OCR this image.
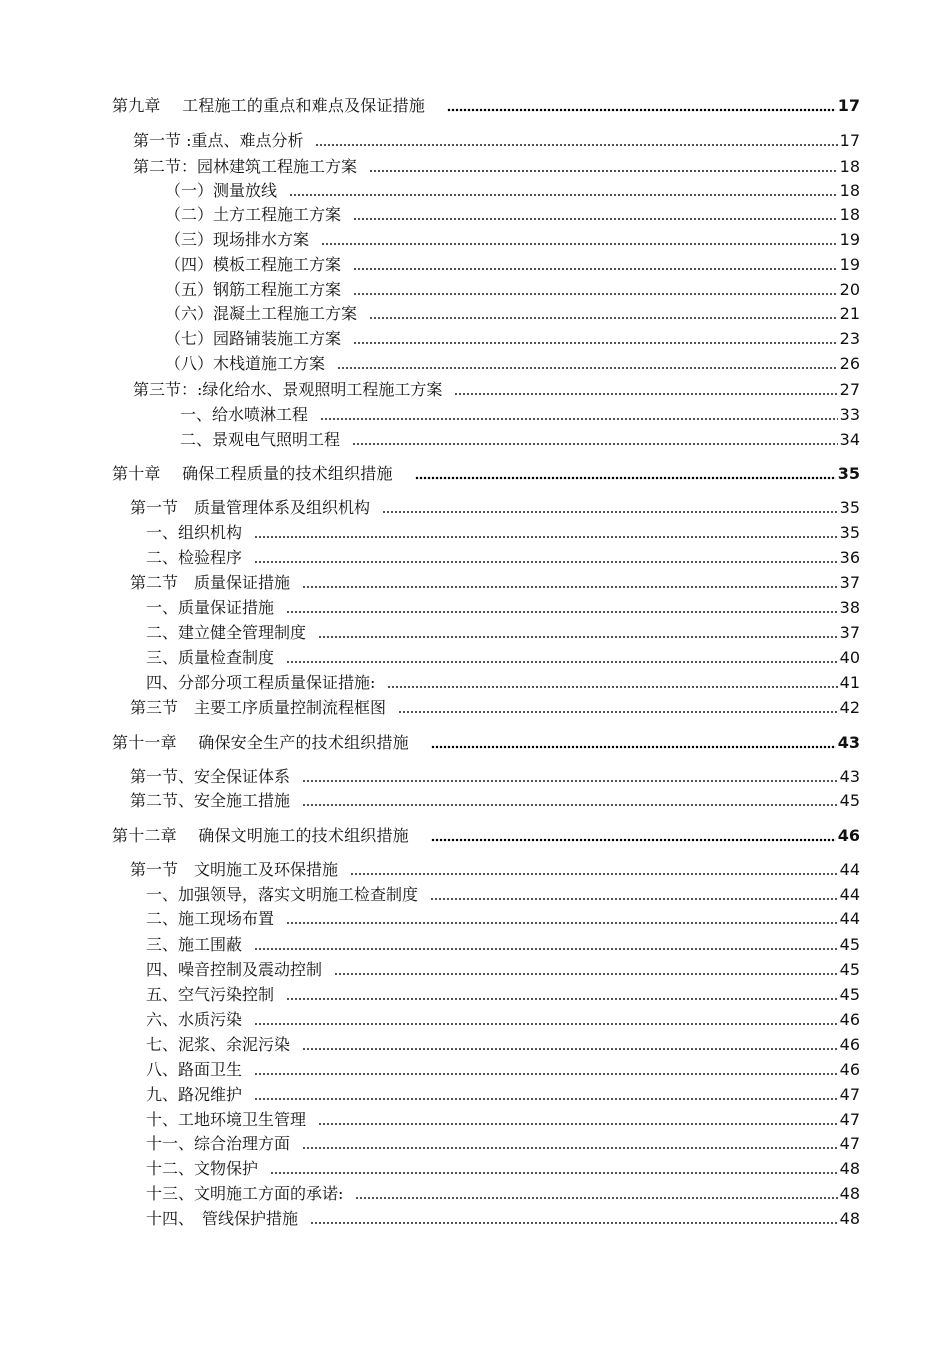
第九章　 工程施工的重点和难点及保证措施	17
第一节 :重点、难点分析	17
第二节：园林建筑工程施工方案	18
（一）测量放线	18
（二）土方工程施工方案	18
（三）现场排水方案	19
（四）模板工程施工方案	19
（五）钢筋工程施工方案	20
（六）混凝土工程施工方案	21
（七）园路铺装施工方案	23
（八）木栈道施工方案	26
第三节：:绿化给水、景观照明工程施工方案	27
一、给水喷淋工程	33
二、景观电气照明工程	34
第十章　 确保工程质量的技术组织措施	35
第一节　质量管理体系及组织机构	35
一、组织机构	35
二、检验程序	36
第二节　质量保证措施	37
一、质量保证措施	38
二、建立健全管理制度	37
三、质量检查制度	40
四、分部分项工程质量保证措施:	41
第三节　主要工序质量控制流程框图	42
第十一章　 确保安全生产的技术组织措施	43
第一节、安全保证体系	43
第二节、安全施工措施	45
第十二章　 确保文明施工的技术组织措施	46
第一节　文明施工及环保措施	44
一、加强领导，落实文明施工检查制度	44
二、施工现场布置	44
三、施工围蔽	45
四、噪音控制及震动控制	45
五、空气污染控制	45
六、水质污染	46
七、泥浆、余泥污染	46
八、路面卫生	46
九、路况维护	47
十、工地环境卫生管理	47
十一、综合治理方面	47
十二、文物保护	48
十三、文明施工方面的承诺:	48
十四、　管线保护措施	48
